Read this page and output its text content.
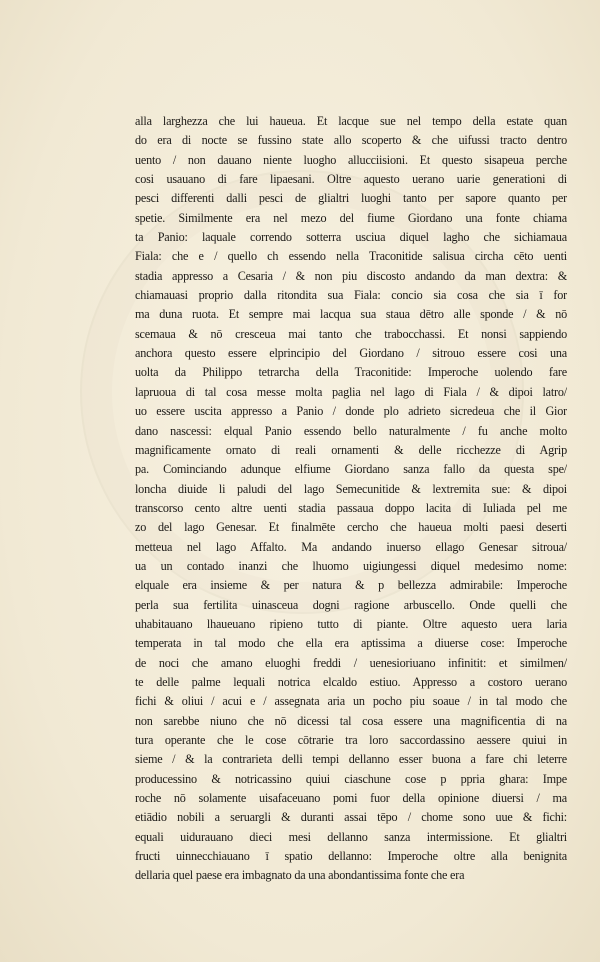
alla larghezza che lui haueua. Et lacque sue nel tempo della estate quan
do era di nocte se fussino state allo scoperto & che uifussi tracto dentro
uento / non dauano niente luogho allucciisioni. Et questo sisapeua perche
cosi usauano di fare lipaesani. Oltre aquesto uerano uarie generationi di
pesci differenti dalli pesci de glialtri luoghi tanto per sapore quanto per
spetie. Similmente era nel mezo del fiume Giordano una fonte chiama
ta Panio: laquale correndo sotterra usciua diquel lagho che sichiamaua
Fiala: che e / quello ch essendo nella Traconitide salisua circha cēto uenti
stadia appresso a Cesaria / & non piu discosto andando da man dextra: &
chiamauasi proprio dalla ritondita sua Fiala: concio sia cosa che sia ī for
ma duna ruota. Et sempre mai lacqua sua staua dētro alle sponde / & nō
scemaua & nō cresceua mai tanto che trabocchassi. Et nonsi sappiendo
anchora questo essere elprincipio del Giordano / sitrouo essere cosi una
uolta da Philippo tetrarcha della Traconitide: Imperoche uolendo fare
lapruoua di tal cosa messe molta paglia nel lago di Fiala / & dipoi latro/
uo essere uscita appresso a Panio / donde plo adrieto sicredeua che il Gior
dano nascessi: elqual Panio essendo bello naturalmente / fu anche molto
magnificamente ornato di reali ornamenti & delle ricchezze di Agrip
pa. Cominciando adunque elfiume Giordano sanza fallo da questa spe/
loncha diuide li paludi del lago Semecunitide & lextremita sue: & dipoi
transcorso cento altre uenti stadia passaua doppo lacita di Iuliada pel me
zo del lago Genesar. Et finalmēte cercho che haueua molti paesi deserti
metteua nel lago Affalto. Ma andando inuerso ellago Genesar sitroua/
ua un contado inanzi che lhuomo uigiungessi diquel medesimo nome:
elquale era insieme & per natura & p bellezza admirabile: Imperoche
perla sua fertilita uinasceua dogni ragione arbuscello. Onde quelli che
uhabitauano lhaueuano ripieno tutto di piante. Oltre aquesto uera laria
temperata in tal modo che ella era aptissima a diuerse cose: Imperoche
de noci che amano eluoghi freddi / uenesioriuano infinitit: et similmen/
te delle palme lequali notrica elcaldo estiuo. Appresso a costoro uerano
fichi & oliui / acui e / assegnata aria un pocho piu soaue / in tal modo che
non sarebbe niuno che nō dicessi tal cosa essere una magnificentia di na
tura operante che le cose cōtrarie tra loro saccordassino aessere quiui in
sieme / & la contrarieta delli tempi dellanno esser buona a fare chi leterre
producessino & notricassino quiui ciaschune cose p ppria ghara: Impe
roche nō solamente uisafaceuano pomi fuor della opinione diuersi / ma
etiādio nobili a seruargli & duranti assai tēpo / chome sono uue & fichi:
equali uidurauano dieci mesi dellanno sanza intermissione. Et glialtri
fructi uinnecchiauano ī spatio dellanno: Imperoche oltre alla benignita
dellaria quel paese era imbagnato da una abondantissima fonte che era
